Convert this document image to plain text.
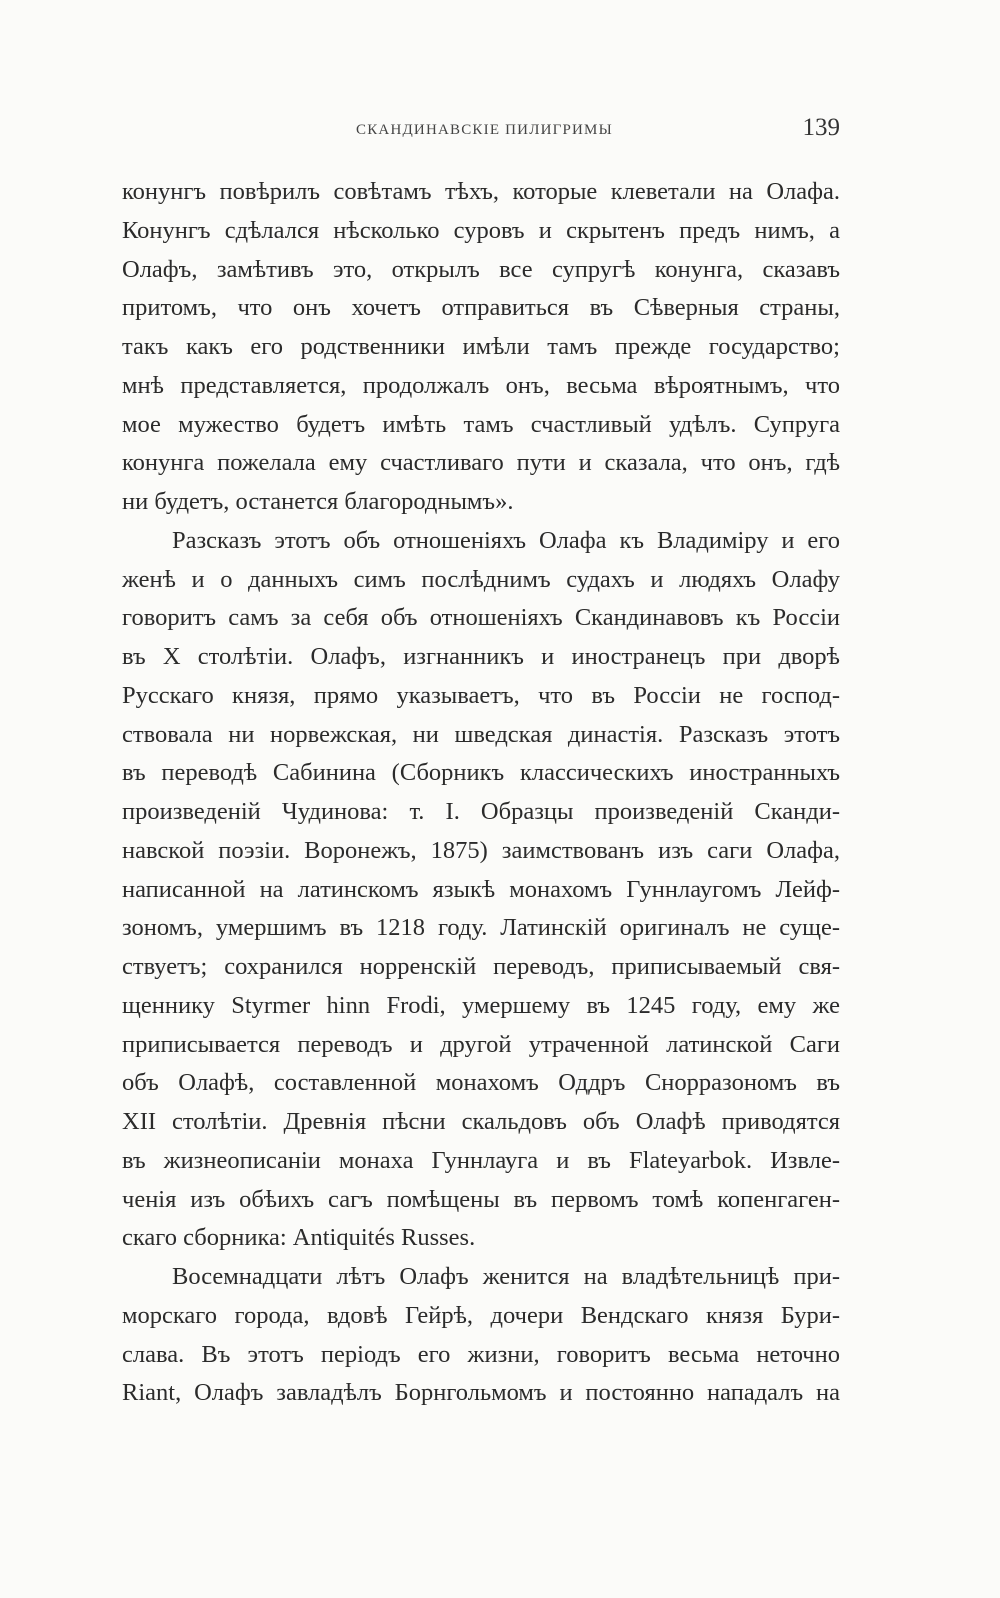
СКАНДИНАВСКІЕ ПИЛИГРИМЫ	139
конунгъ повѣрилъ совѣтамъ тѣхъ, которые клеветали на Олафа.
Конунгъ сдѣлался нѣсколько суровъ и скрытенъ предъ нимъ, а
Олафъ, замѣтивъ это, открылъ все супругѣ конунга, сказавъ
притомъ, что онъ хочетъ отправиться въ Сѣверныя страны,
такъ какъ его родственники имѣли тамъ прежде государство;
мнѣ представляется, продолжалъ онъ, весьма вѣроятнымъ, что
мое мужество будетъ имѣть тамъ счастливый удѣлъ. Супруга
конунга пожелала ему счастливаго пути и сказала, что онъ, гдѣ
ни будетъ, останется благороднымъ».
Разсказъ этотъ объ отношеніяхъ Олафа къ Владиміру и его
женѣ и о данныхъ симъ послѣднимъ судахъ и людяхъ Олафу
говоритъ самъ за себя объ отношеніяхъ Скандинавовъ къ Россіи
въ X столѣтіи. Олафъ, изгнанникъ и иностранецъ при дворѣ
Русскаго князя, прямо указываетъ, что въ Россіи не господ-
ствовала ни норвежская, ни шведская династія. Разсказъ этотъ
въ переводѣ Сабинина (Сборникъ классическихъ иностранныхъ
произведеній Чудинова: т. I. Образцы произведеній Сканди-
навской поэзіи. Воронежъ, 1875) заимствованъ изъ саги Олафа,
написанной на латинскомъ языкѣ монахомъ Гуннлаугомъ Лейф-
зономъ, умершимъ въ 1218 году. Латинскій оригиналъ не суще-
ствуетъ; сохранился норренскій переводъ, приписываемый свя-
щеннику Styrmer hinn Frodi, умершему въ 1245 году, ему же
приписывается переводъ и другой утраченной латинской Саги
объ Олафѣ, составленной монахомъ Оддръ Снорразономъ въ
XII столѣтіи. Древнія пѣсни скальдовъ объ Олафѣ приводятся
въ жизнеописаніи монаха Гуннлауга и въ Flateyarbok. Извле-
ченія изъ обѣихъ сагъ помѣщены въ первомъ томѣ копенгаген-
скаго сборника: Antiquités Russes.
Восемнадцати лѣтъ Олафъ женится на владѣтельницѣ при-
морскаго города, вдовѣ Гейрѣ, дочери Вендскаго князя Бури-
слава. Въ этотъ періодъ его жизни, говоритъ весьма неточно
Riant, Олафъ завладѣлъ Борнгольмомъ и постоянно нападалъ на
